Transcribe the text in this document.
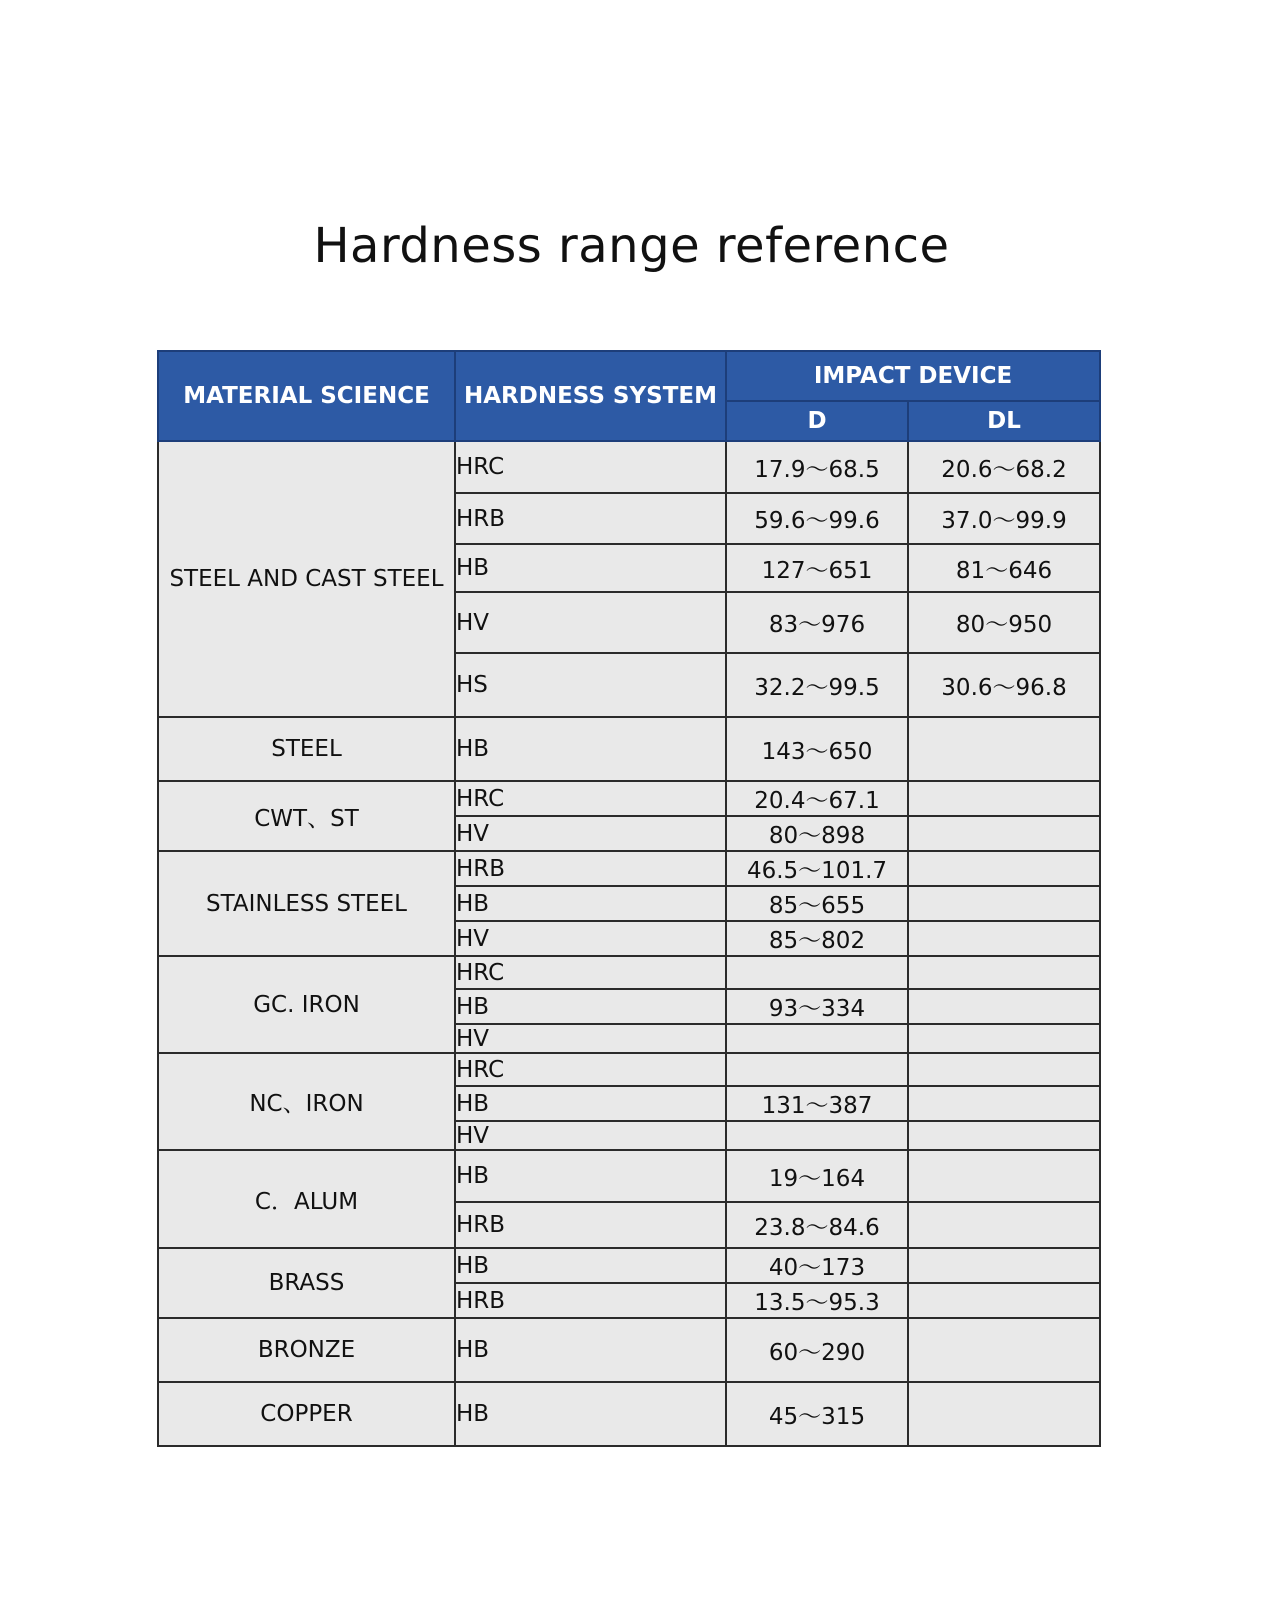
Hardness range reference
MATERIAL SCIENCE	HARDNESS SYSTEM	IMPACT DEVICE	
		D	DL
STEEL AND CAST STEEL	HRC	17.9～68.5	20.6～68.2
	HRB	59.6～99.6	37.0～99.9
	HB	127～651	81～646
	HV	83～976	80～950
	HS	32.2～99.5	30.6～96.8
STEEL	HB	143～650	
CWT、ST	HRC	20.4～67.1	
	HV	80～898	
STAINLESS STEEL	HRB	46.5～101.7	
	HB	85～655	
	HV	85～802	
GC. IRON	HRC		
	HB	93～334	
	HV		
NC、IRON	HRC		
	HB	131～387	
	HV		
C．ALUM	HB	19～164	
	HRB	23.8～84.6	
BRASS	HB	40～173	
	HRB	13.5～95.3	
BRONZE	HB	60～290	
COPPER	HB	45～315	
